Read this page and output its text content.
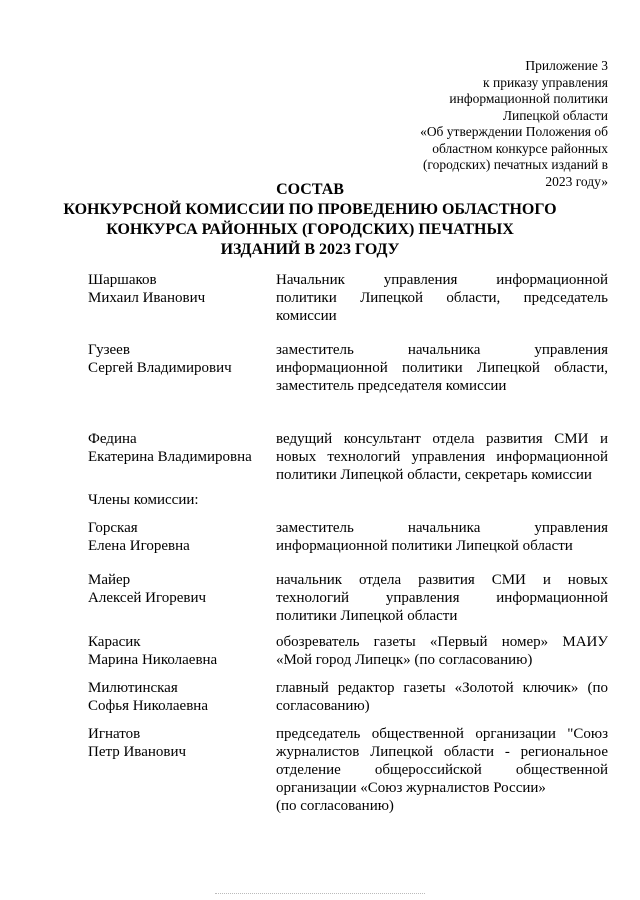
Приложение 3
к приказу управления
информационной политики
Липецкой области
«Об утверждении Положения об
областном конкурсе районных
(городских) печатных изданий в
2023 году»
СОСТАВ
КОНКУРСНОЙ КОМИССИИ ПО ПРОВЕДЕНИЮ ОБЛАСТНОГО
КОНКУРСА РАЙОННЫХ (ГОРОДСКИХ) ПЕЧАТНЫХ
ИЗДАНИЙ В 2023 ГОДУ
Шаршаков
Михаил Иванович
Начальник управления информационной
политики Липецкой области, председатель
комиссии
Гузеев
Сергей Владимирович
заместитель начальника управления
информационной политики Липецкой области,
заместитель председателя комиссии
Федина
Екатерина Владимировна
ведущий консультант отдела развития СМИ и
новых технологий управления информационной
политики Липецкой области, секретарь комиссии
Члены комиссии:
Горская
Елена Игоревна
заместитель начальника управления
информационной политики Липецкой области
Майер
Алексей Игоревич
начальник отдела развития СМИ и новых
технологий управления информационной
политики Липецкой области
Карасик
Марина Николаевна
обозреватель газеты «Первый номер» МАИУ
«Мой город Липецк» (по согласованию)
Милютинская
Софья Николаевна
главный редактор газеты «Золотой ключик» (по
согласованию)
Игнатов
Петр Иванович
председатель общественной организации "Союз
журналистов Липецкой области - региональное
отделение общероссийской общественной
организации «Союз журналистов России»
(по согласованию)
